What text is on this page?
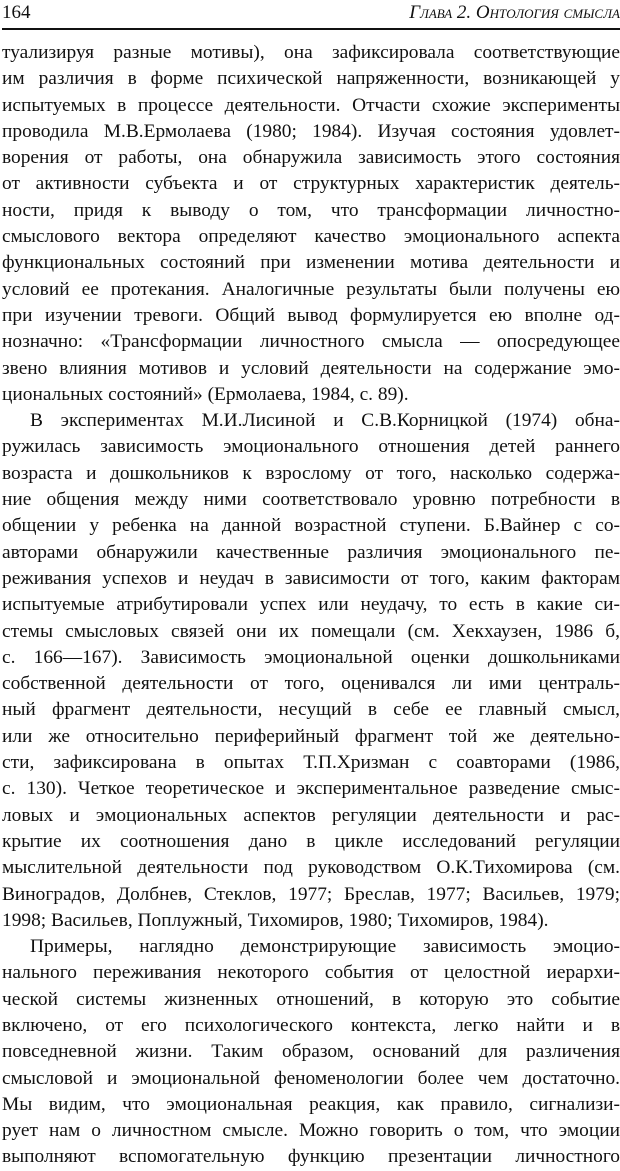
164	Глава 2. Онтология смысла
туализируя разные мотивы), она зафиксировала соответствующие
им различия в форме психической напряженности, возникающей у
испытуемых в процессе деятельности. Отчасти схожие эксперименты
проводила М.В.Ермолаева (1980; 1984). Изучая состояния удовлет-
ворения от работы, она обнаружила зависимость этого состояния
от активности субъекта и от структурных характеристик деятель-
ности, придя к выводу о том, что трансформации личностно-
смыслового вектора определяют качество эмоционального аспекта
функциональных состояний при изменении мотива деятельности и
условий ее протекания. Аналогичные результаты были получены ею
при изучении тревоги. Общий вывод формулируется ею вполне од-
нозначно: «Трансформации личностного смысла — опосредующее
звено влияния мотивов и условий деятельности на содержание эмо-
циональных состояний» (Ермолаева, 1984, с. 89).
В экспериментах М.И.Лисиной и С.В.Корницкой (1974) обна-
ружилась зависимость эмоционального отношения детей раннего
возраста и дошкольников к взрослому от того, насколько содержа-
ние общения между ними соответствовало уровню потребности в
общении у ребенка на данной возрастной ступени. Б.Вайнер с со-
авторами обнаружили качественные различия эмоционального пе-
реживания успехов и неудач в зависимости от того, каким факторам
испытуемые атрибутировали успех или неудачу, то есть в какие си-
стемы смысловых связей они их помещали (см. Хекхаузен, 1986 б,
с. 166—167). Зависимость эмоциональной оценки дошкольниками
собственной деятельности от того, оценивался ли ими централь-
ный фрагмент деятельности, несущий в себе ее главный смысл,
или же относительно периферийный фрагмент той же деятельно-
сти, зафиксирована в опытах Т.П.Хризман с соавторами (1986,
с. 130). Четкое теоретическое и экспериментальное разведение смыс-
ловых и эмоциональных аспектов регуляции деятельности и рас-
крытие их соотношения дано в цикле исследований регуляции
мыслительной деятельности под руководством О.К.Тихомирова (см.
Виноградов, Долбнев, Стеклов, 1977; Бреслав, 1977; Васильев, 1979;
1998; Васильев, Поплужный, Тихомиров, 1980; Тихомиров, 1984).
Примеры, наглядно демонстрирующие зависимость эмоцио-
нального переживания некоторого события от целостной иерархи-
ческой системы жизненных отношений, в которую это событие
включено, от его психологического контекста, легко найти и в
повседневной жизни. Таким образом, оснований для различения
смысловой и эмоциональной феноменологии более чем достаточно.
Мы видим, что эмоциональная реакция, как правило, сигнализи-
рует нам о личностном смысле. Можно говорить о том, что эмоции
выполняют вспомогательную функцию презентации личностного
